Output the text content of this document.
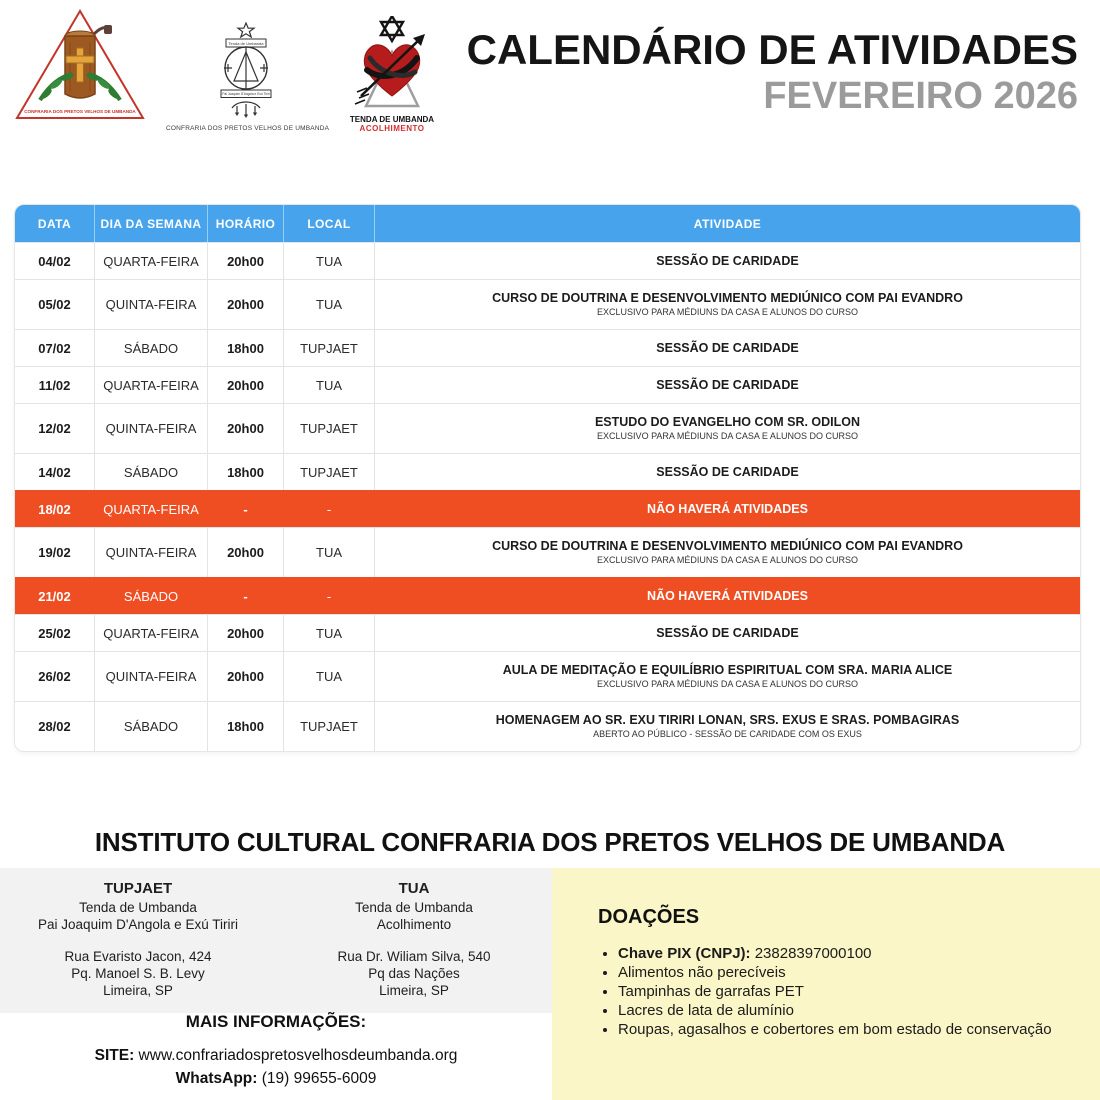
CONFRARIA DOS PRETOS VELHOS DE UMBANDA
Tenda de Umbanda
Pai Joaquim D'Angola e Exú Tiriri
CONFRARIA DOS PRETOS VELHOS DE UMBANDA
TENDA DE UMBANDA
ACOLHIMENTO
CALENDÁRIO DE ATIVIDADES
FEVEREIRO 2026
DATA	DIA DA SEMANA	HORÁRIO	LOCAL	ATIVIDADE
04/02	QUARTA-FEIRA	20h00	TUA	SESSÃO DE CARIDADE
05/02	QUINTA-FEIRA	20h00	TUA	CURSO DE DOUTRINA E DESENVOLVIMENTO MEDIÚNICO COM PAI EVANDRO
EXCLUSIVO PARA MÉDIUNS DA CASA E ALUNOS DO CURSO
07/02	SÁBADO	18h00	TUPJAET	SESSÃO DE CARIDADE
11/02	QUARTA-FEIRA	20h00	TUA	SESSÃO DE CARIDADE
12/02	QUINTA-FEIRA	20h00	TUPJAET	ESTUDO DO EVANGELHO COM SR. ODILON
EXCLUSIVO PARA MÉDIUNS DA CASA E ALUNOS DO CURSO
14/02	SÁBADO	18h00	TUPJAET	SESSÃO DE CARIDADE
18/02	QUARTA-FEIRA	-	-	NÃO HAVERÁ ATIVIDADES
19/02	QUINTA-FEIRA	20h00	TUA	CURSO DE DOUTRINA E DESENVOLVIMENTO MEDIÚNICO COM PAI EVANDRO
EXCLUSIVO PARA MÉDIUNS DA CASA E ALUNOS DO CURSO
21/02	SÁBADO	-	-	NÃO HAVERÁ ATIVIDADES
25/02	QUARTA-FEIRA	20h00	TUA	SESSÃO DE CARIDADE
26/02	QUINTA-FEIRA	20h00	TUA	AULA DE MEDITAÇÃO E EQUILÍBRIO ESPIRITUAL COM SRA. MARIA ALICE
EXCLUSIVO PARA MÉDIUNS DA CASA E ALUNOS DO CURSO
28/02	SÁBADO	18h00	TUPJAET	HOMENAGEM AO SR. EXU TIRIRI LONAN, SRS. EXUS E SRAS. POMBAGIRAS
ABERTO AO PÚBLICO - SESSÃO DE CARIDADE COM OS EXUS
INSTITUTO CULTURAL CONFRARIA DOS PRETOS VELHOS DE UMBANDA
TUPJAET
Tenda de Umbanda
Pai Joaquim D'Angola e Exú Tiriri
Rua Evaristo Jacon, 424
Pq. Manoel S. B. Levy
Limeira, SP
TUA
Tenda de Umbanda
Acolhimento
Rua Dr. Wiliam Silva, 540
Pq das Nações
Limeira, SP
DOAÇÕES
• Chave PIX (CNPJ): 23828397000100
• Alimentos não perecíveis
• Tampinhas de garrafas PET
• Lacres de lata de alumínio
• Roupas, agasalhos e cobertores em bom estado de conservação
MAIS INFORMAÇÕES:
SITE: www.confrariadospretosvelhosdeumbanda.org
WhatsApp: (19) 99655-6009
